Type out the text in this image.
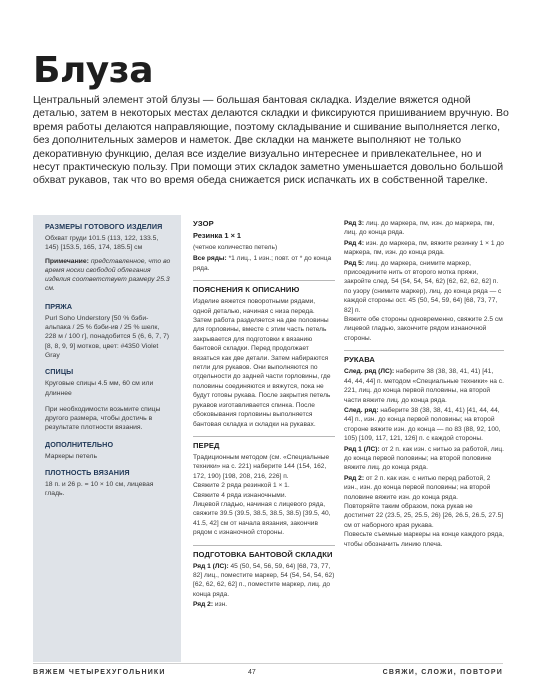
Блуза
Центральный элемент этой блузы — большая бантовая складка. Изделие вяжется одной деталью, затем в некоторых местах делаются складки и фиксируются пришиванием вручную. Во время работы делаются направляющие, поэтому складывание и сшивание выполняется легко, без дополнительных замеров и наметок. Две складки на манжете выполняют не только декоративную функцию, делая все изделие визуально интереснее и привлекательнее, но и несут практическую пользу. При помощи этих складок заметно уменьшается довольно большой обхват рукавов, так что во время обеда снижается риск испачкать их в собственной тарелке.
РАЗМЕРЫ ГОТОВОГО ИЗДЕЛИЯ
Обхват груди 101.5 (113, 122, 133.5, 145) [153.5, 165, 174, 185.5] см
Примечание: представленное, что во время носки свободой облегания изделия соответствует размеру 25.3 см.
ПРЯЖА
Purl Soho Understory [50 % бэби-альпака / 25 % бэби-ив / 25 % шелк, 228 м / 100 г], понадобится 5 (6, 6, 7, 7) [8, 8, 9, 9] мотков, цвет: #4350 Violet Gray
СПИЦЫ
Круговые спицы 4.5 мм, 60 см или длиннее
При необходимости возьмите спицы другого размера, чтобы достичь в результате плотности вязания.
ДОПОЛНИТЕЛЬНО
Маркеры петель
ПЛОТНОСТЬ ВЯЗАНИЯ
18 п. и 26 р. = 10 × 10 см, лицевая гладь.
УЗОР
Резинка 1 × 1
(четное количество петель)
Все ряды: *1 лиц., 1 изн.; повт. от * до конца ряда.
ПОЯСНЕНИЯ К ОПИСАНИЮ
Изделие вяжется поворотными рядами, одной деталью, начиная с низа переда. Затем работа разделяется на две половины для горловины, вместе с этим часть петель закрывается для подготовки к вязанию бантовой складки. Перед продолжает вязаться как две детали. Затем набираются петли для рукавов. Они выполняются по отдельности до задней части горловины, где половины соединяются и вяжутся, пока не будут готовы рукава. После закрытия петель рукавов изготавливается спинка. После сбоковывания горловины выполняется бантовая складка и складки на рукавах.
ПЕРЕД
Традиционным методом (см. «Специальные техники» на с. 221) наберите 144 (154, 162, 172, 190) [198, 208, 216, 226] п.
Свяжите 2 ряда резинкой 1 × 1.
Свяжите 4 ряда изнаночными.
Лицевой гладью, начиная с лицевого ряда, свяжите 39.5 (39.5, 38.5, 38.5, 38.5) [39.5, 40, 41.5, 42] см от начала вязания, закончив рядом с изнаночной стороны.
ПОДГОТОВКА БАНТОВОЙ СКЛАДКИ
Ряд 1 (ЛС): 45 (50, 54, 56, 59, 64) [68, 73, 77, 82] лиц., поместите маркер, 54 (54, 54, 54, 62) [62, 62, 62, 62] п., поместите маркер, лиц. до конца ряда.
Ряд 2: изн.
Ряд 3: лиц. до маркера, пм, изн. до маркера, пм, лиц. до конца ряда.
Ряд 4: изн. до маркера, пм, вяжите резинку 1 × 1 до маркера, пм, изн. до конца ряда.
Ряд 5: лиц. до маркера, снимите маркер, присоедините нить от второго мотка пряжи, закройте след. 54 (54, 54, 54, 62) [62, 62, 62, 62] п. по узору (снимите маркер), лиц. до конца ряда — с каждой стороны ост. 45 (50, 54, 59, 64) [68, 73, 77, 82] п.
Вяжите обе стороны одновременно, свяжите 2.5 см лицевой гладью, закончите рядом изнаночной стороны.
РУКАВА
След. ряд (ЛС): наберите 38 (38, 38, 41, 41) [41, 44, 44, 44] п. методом «Специальные техники» на с. 221, лиц. до конца первой половины, на второй части вяжите лиц. до конца ряда.
След. ряд: наберите 38 (38, 38, 41, 41) [41, 44, 44, 44] п., изн. до конца первой половины; на второй стороне вяжите изн. до конца — по 83 (88, 92, 100, 105) [109, 117, 121, 126] п. с каждой стороны.
Ряд 1 (ЛС): от 2 п. как изн. с нитью за работой, лиц. до конца первой половины; на второй половине вяжите лиц. до конца ряда.
Ряд 2: от 2 п. как изн. с нитью перед работой, 2 изн., изн. до конца первой половины; на второй половине вяжите изн. до конца ряда.
Повторяйте таким образом, пока рукав не достигнет 22 (23.5, 25, 25.5, 26) [26, 26.5, 26.5, 27.5] см от наборного края рукава.
Повесьте съемные маркеры на конце каждого ряда, чтобы обозначить линию плеча.
ВЯЖЕМ ЧЕТЫРЕХУГОЛЬНИКИ	47	СВЯЖИ, СЛОЖИ, ПОВТОРИ
